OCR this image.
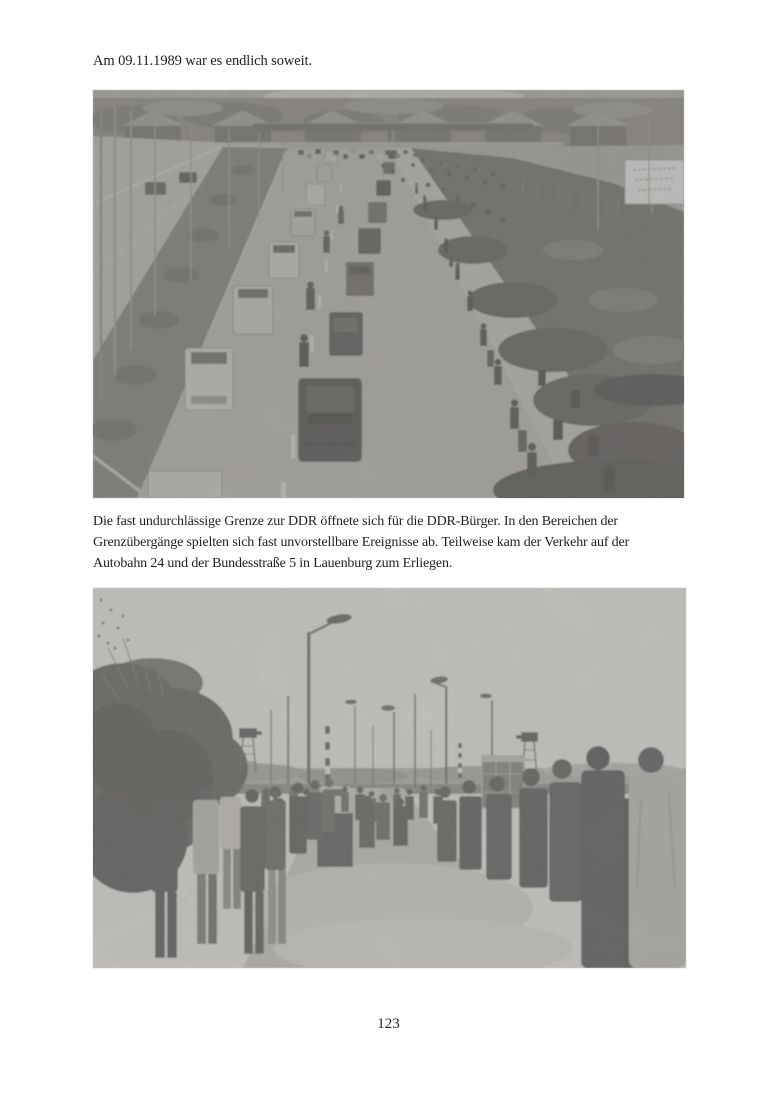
Am 09.11.1989 war es endlich soweit.
Die fast undurchlässige Grenze zur DDR öffnete sich für die DDR-Bürger. In den Bereichen der
Grenzübergänge spielten sich fast unvorstellbare Ereignisse ab. Teilweise kam der Verkehr auf der
Autobahn 24 und der Bundesstraße 5 in Lauenburg zum Erliegen.
123
